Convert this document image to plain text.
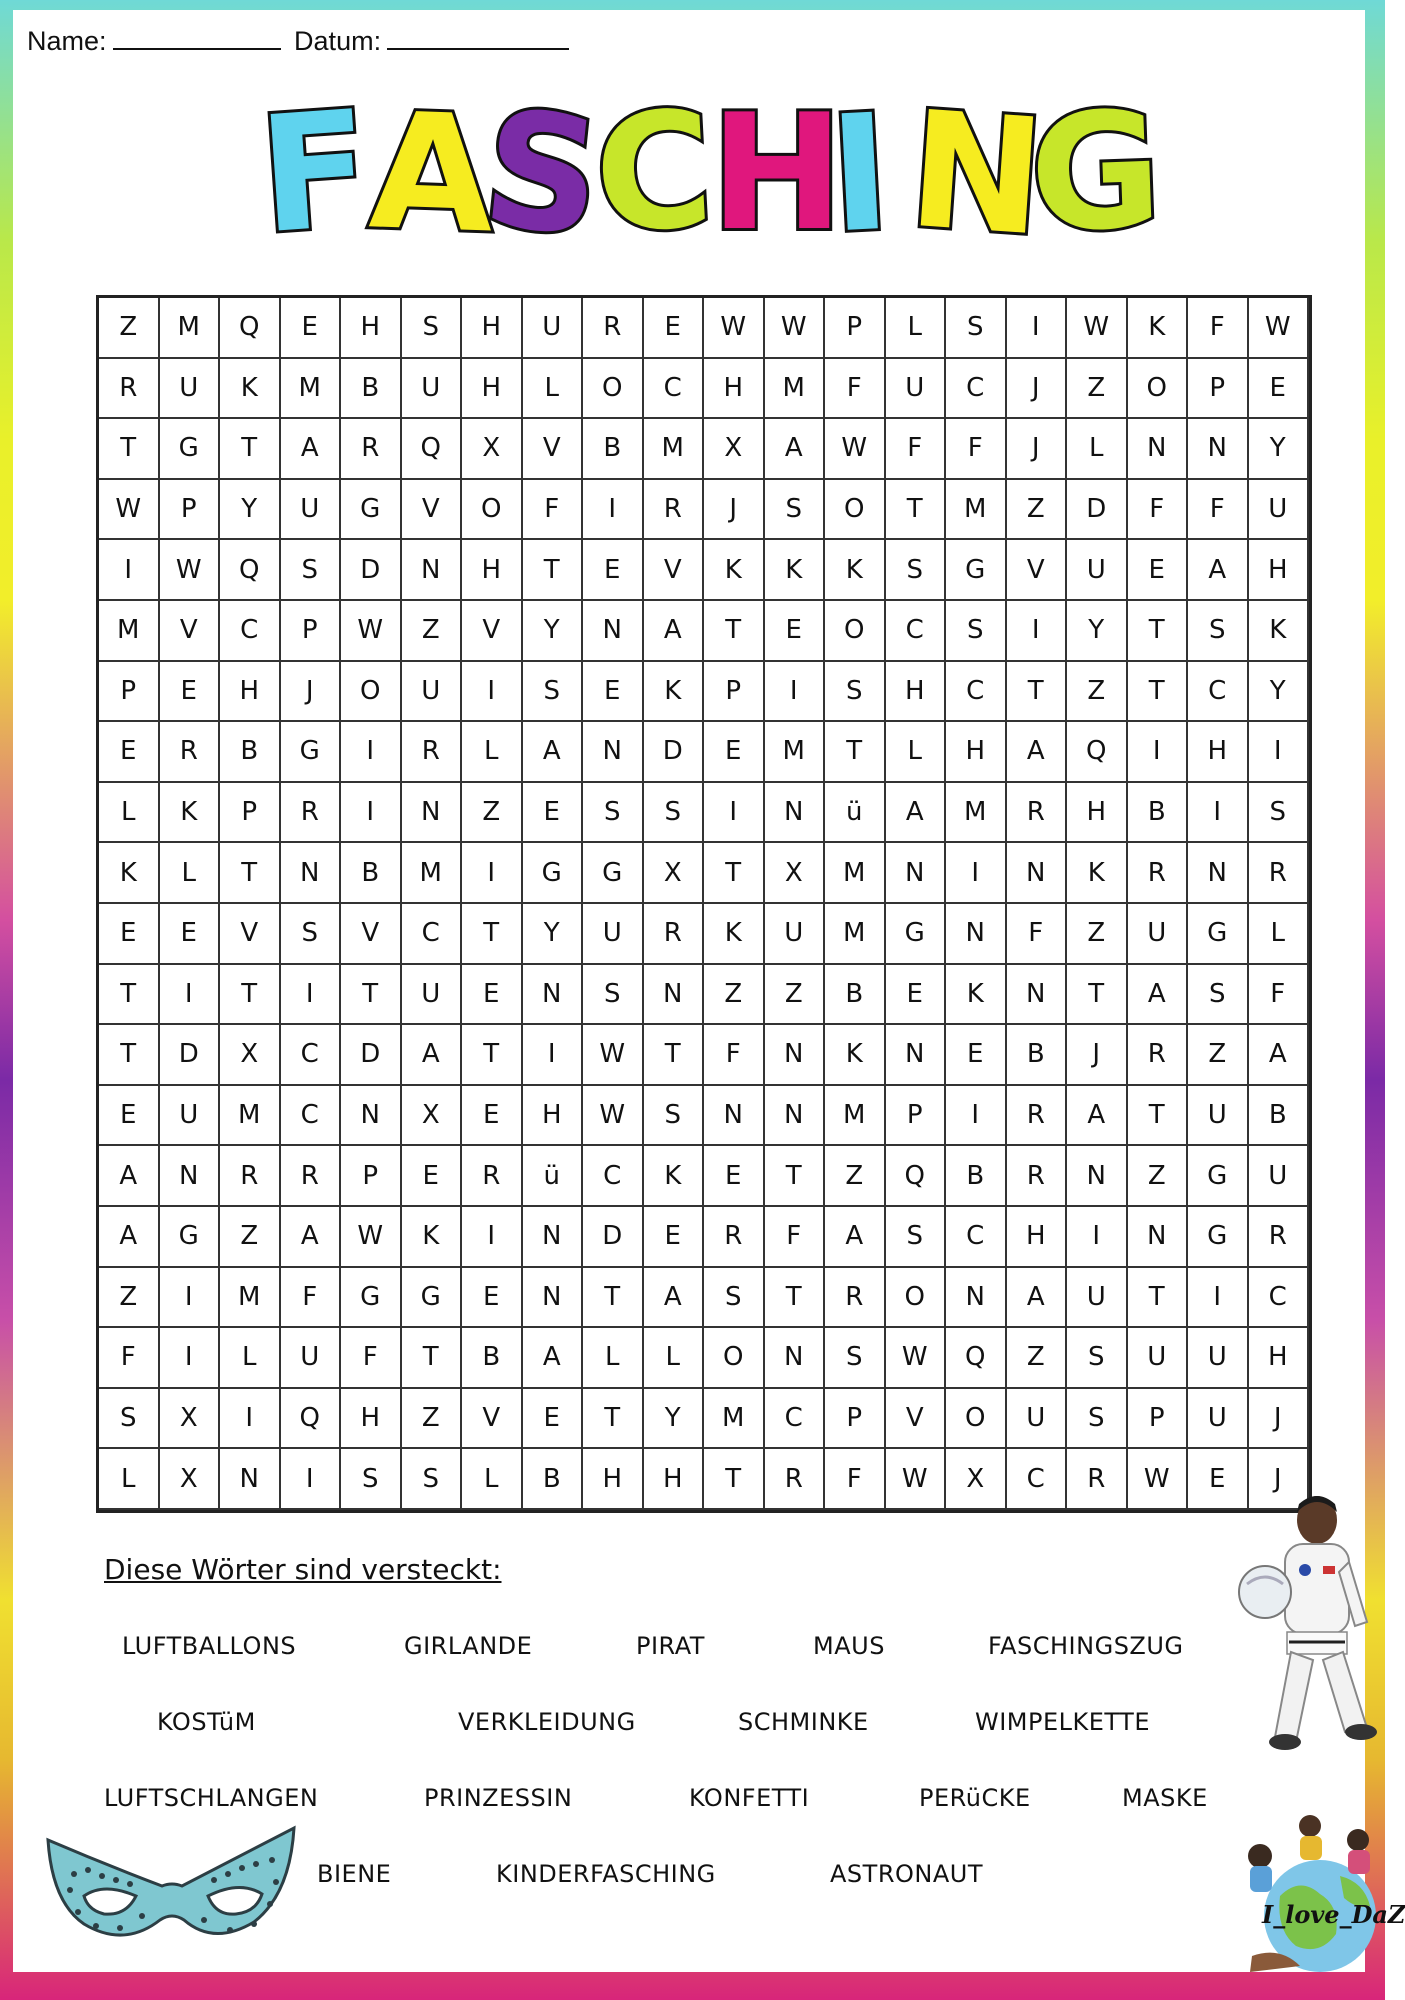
Name:	Datum:
F
A
S
C
H
I N
G
Z	M	Q	E	H	S	H	U	R	E	W	W	P	L	S	I	W	K	F	W
R	U	K	M	B	U	H	L	O	C	H	M	F	U	C	J	Z	O	P	E
T	G	T	A	R	Q	X	V	B	M	X	A	W	F	F	J	L	N	N	Y
W	P	Y	U	G	V	O	F	I	R	J	S	O	T	M	Z	D	F	F	U
I	W	Q	S	D	N	H	T	E	V	K	K	K	S	G	V	U	E	A	H
M	V	C	P	W	Z	V	Y	N	A	T	E	O	C	S	I	Y	T	S	K
P	E	H	J	O	U	I	S	E	K	P	I	S	H	C	T	Z	T	C	Y
E	R	B	G	I	R	L	A	N	D	E	M	T	L	H	A	Q	I	H	I
L	K	P	R	I	N	Z	E	S	S	I	N	ü	A	M	R	H	B	I	S
K	L	T	N	B	M	I	G	G	X	T	X	M	N	I	N	K	R	N	R
E	E	V	S	V	C	T	Y	U	R	K	U	M	G	N	F	Z	U	G	L
T	I	T	I	T	U	E	N	S	N	Z	Z	B	E	K	N	T	A	S	F
T	D	X	C	D	A	T	I	W	T	F	N	K	N	E	B	J	R	Z	A
E	U	M	C	N	X	E	H	W	S	N	N	M	P	I	R	A	T	U	B
A	N	R	R	P	E	R	ü	C	K	E	T	Z	Q	B	R	N	Z	G	U
A	G	Z	A	W	K	I	N	D	E	R	F	A	S	C	H	I	N	G	R
Z	I	M	F	G	G	E	N	T	A	S	T	R	O	N	A	U	T	I	C
F	I	L	U	F	T	B	A	L	L	O	N	S	W	Q	Z	S	U	U	H
S	X	I	Q	H	Z	V	E	T	Y	M	C	P	V	O	U	S	P	U	J
L	X	N	I	S	S	L	B	H	H	T	R	F	W	X	C	R	W	E	J
Diese Wörter sind versteckt:
LUFTBALLONS	GIRLANDE	PIRAT	MAUS	FASCHINGSZUG
KOSTüM	VERKLEIDUNG	SCHMINKE	WIMPELKETTE
LUFTSCHLANGEN	PRINZESSIN	KONFETTI	PERüCKE	MASKE
BIENE	KINDERFASCHING	ASTRONAUT
I_love_DaZ
